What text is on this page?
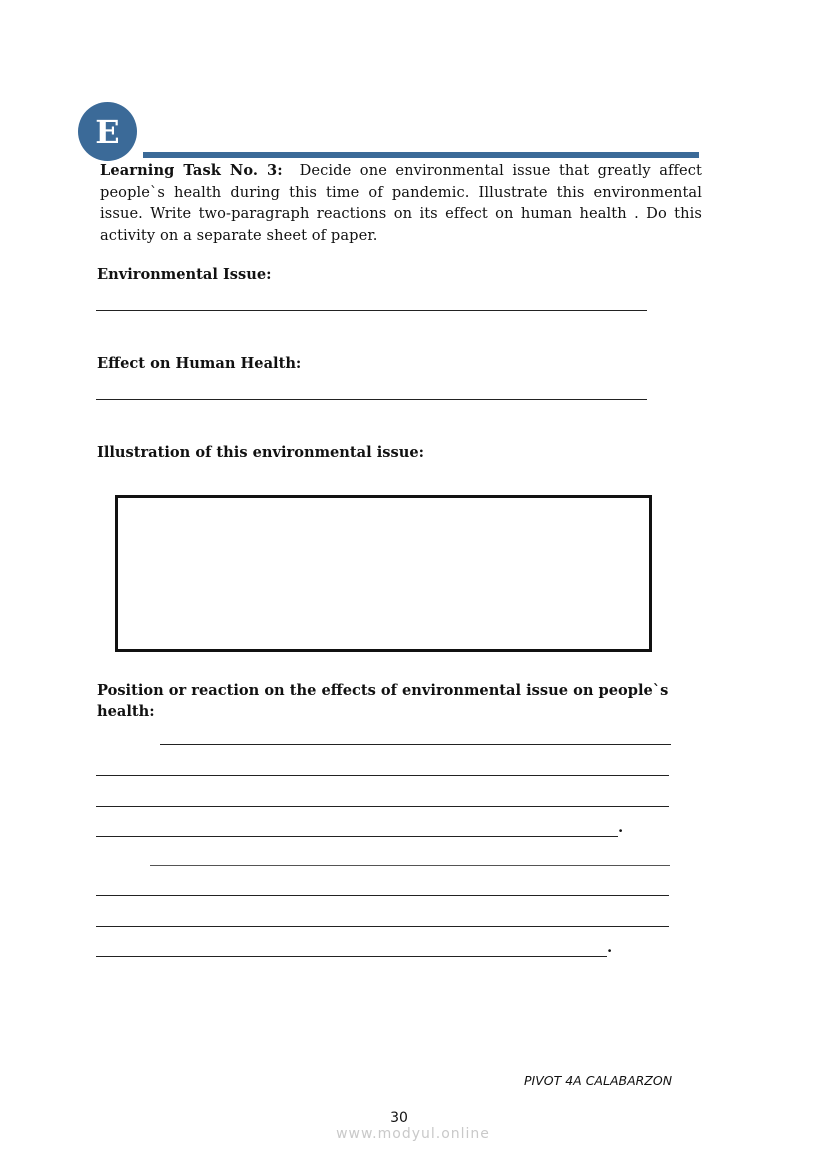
E
Learning Task No. 3: Decide one environmental issue that greatly affect people`s health during this time of pandemic. Illustrate this environmental issue. Write two-paragraph reactions on its effect on human health . Do this activity on a separate sheet of paper.
Environmental Issue:
Effect on Human Health:
Illustration of this environmental issue:
Position or reaction on the effects of environmental issue on people`s health:
.
.
PIVOT 4A CALABARZON
30
www.modyul.online
